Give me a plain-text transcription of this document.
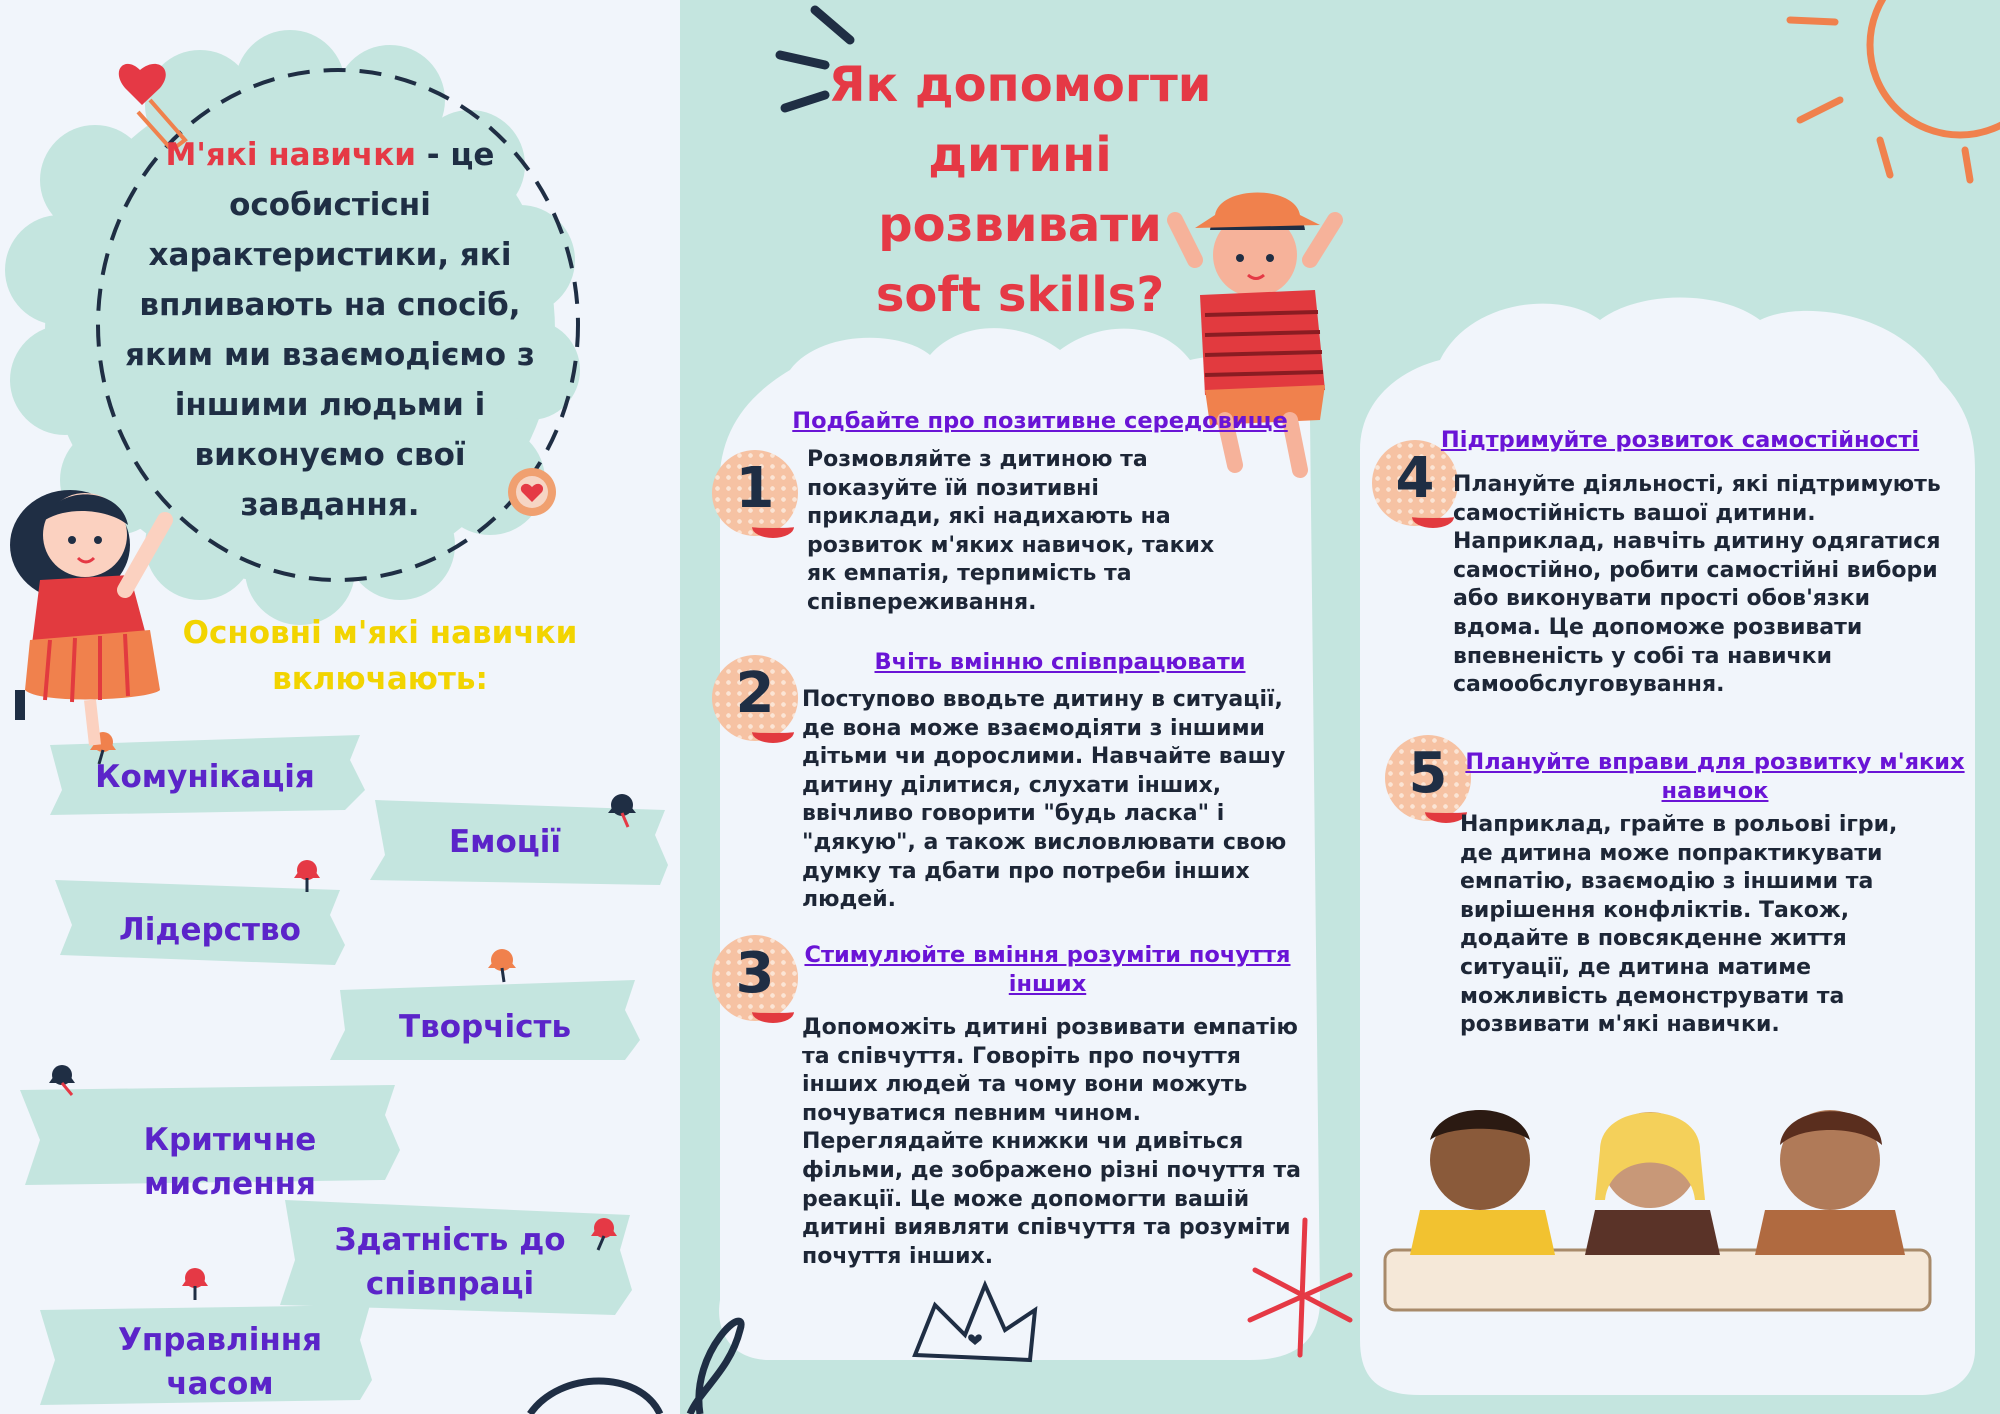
М'які навички - це особистісні характеристики, які впливають на спосіб, яким ми взаємодіємо з іншими людьми і виконуємо свої завдання.
Основні м'які навички включають:
Комунікація
Емоції
Лідерство
Творчість
Критичне мислення
Здатність до співпраці
Управління часом
Як допомогти
дитині
розвивати
soft skills?
1
2
3
4
5
Подбайте про позитивне середовище
Розмовляйте з дитиною та показуйте їй позитивні приклади, які надихають на розвиток м'яких навичок, таких як емпатія, терпимість та співпереживання.
Вчіть вмінню співпрацювати
Поступово вводьте дитину в ситуації, де вона може взаємодіяти з іншими дітьми чи дорослими. Навчайте вашу дитину ділитися, слухати інших, ввічливо говорити "будь ласка" і "дякую", а також висловлювати свою думку та дбати про потреби інших людей.
Стимулюйте вміння розуміти почуття інших
Допоможіть дитині розвивати емпатію та співчуття. Говоріть про почуття інших людей та чому вони можуть почуватися певним чином. Переглядайте книжки чи дивіться фільми, де зображено різні почуття та реакції. Це може допомогти вашій дитині виявляти співчуття та розуміти почуття інших.
Підтримуйте розвиток самостійності
Плануйте діяльності, які підтримують самостійність вашої дитини. Наприклад, навчіть дитину одягатися самостійно, робити самостійні вибори або виконувати прості обов'язки вдома. Це допоможе розвивати впевненість у собі та навички самообслуговування.
Плануйте вправи для розвитку м'яких навичок
Наприклад, грайте в рольові ігри, де дитина може попрактикувати емпатію, взаємодію з іншими та вирішення конфліктів. Також, додайте в повсякденне життя ситуації, де дитина матиме можливість демонструвати та розвивати м'які навички.
